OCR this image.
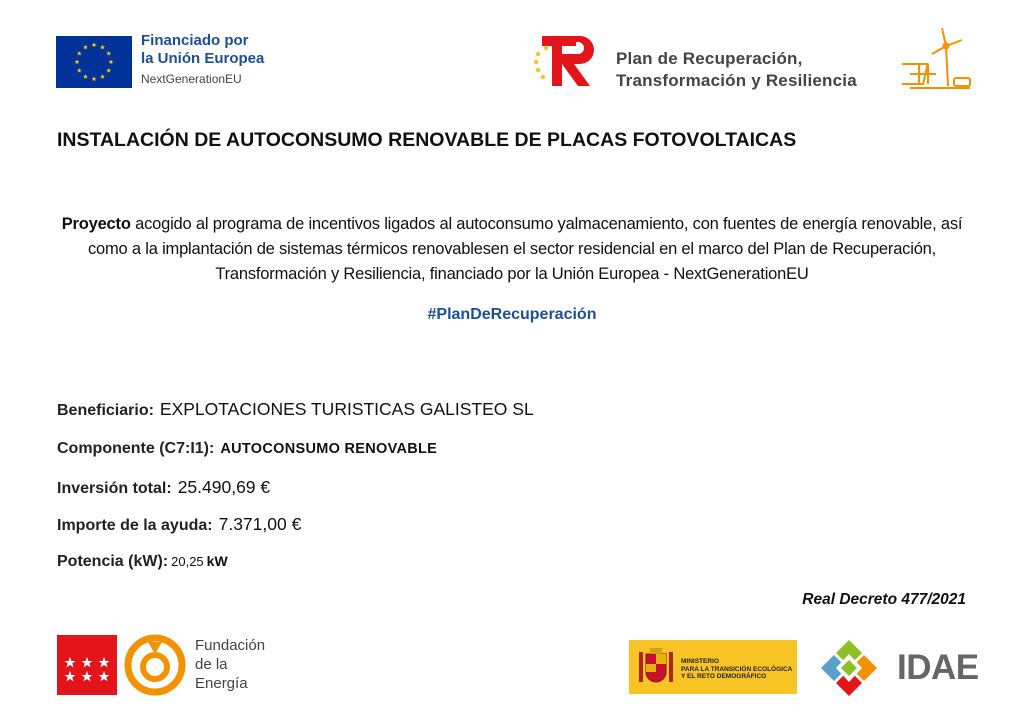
Financiado por
la Unión Europea
NextGenerationEU
Plan de Recuperación,
Transformación y Resiliencia
INSTALACIÓN DE AUTOCONSUMO RENOVABLE DE PLACAS FOTOVOLTAICAS
Proyecto acogido al programa de incentivos ligados al autoconsumo yalmacenamiento, con fuentes de energía renovable, así como a la implantación de sistemas térmicos renovablesen el sector residencial en el marco del Plan de Recuperación, Transformación y Resiliencia, financiado por la Unión Europea - NextGenerationEU
#PlanDeRecuperación
Beneficiario: EXPLOTACIONES TURISTICAS GALISTEO SL
Componente (C7:I1): AUTOCONSUMO RENOVABLE
Inversión total: 25.490,69 €
Importe de la ayuda: 7.371,00 €
Potencia (kW): 20,25 kW
Real Decreto 477/2021
Fundación
de la
Energía
MINISTERIO
PARA LA TRANSICIÓN ECOLÓGICA
Y EL RETO DEMOGRÁFICO	IDAE
